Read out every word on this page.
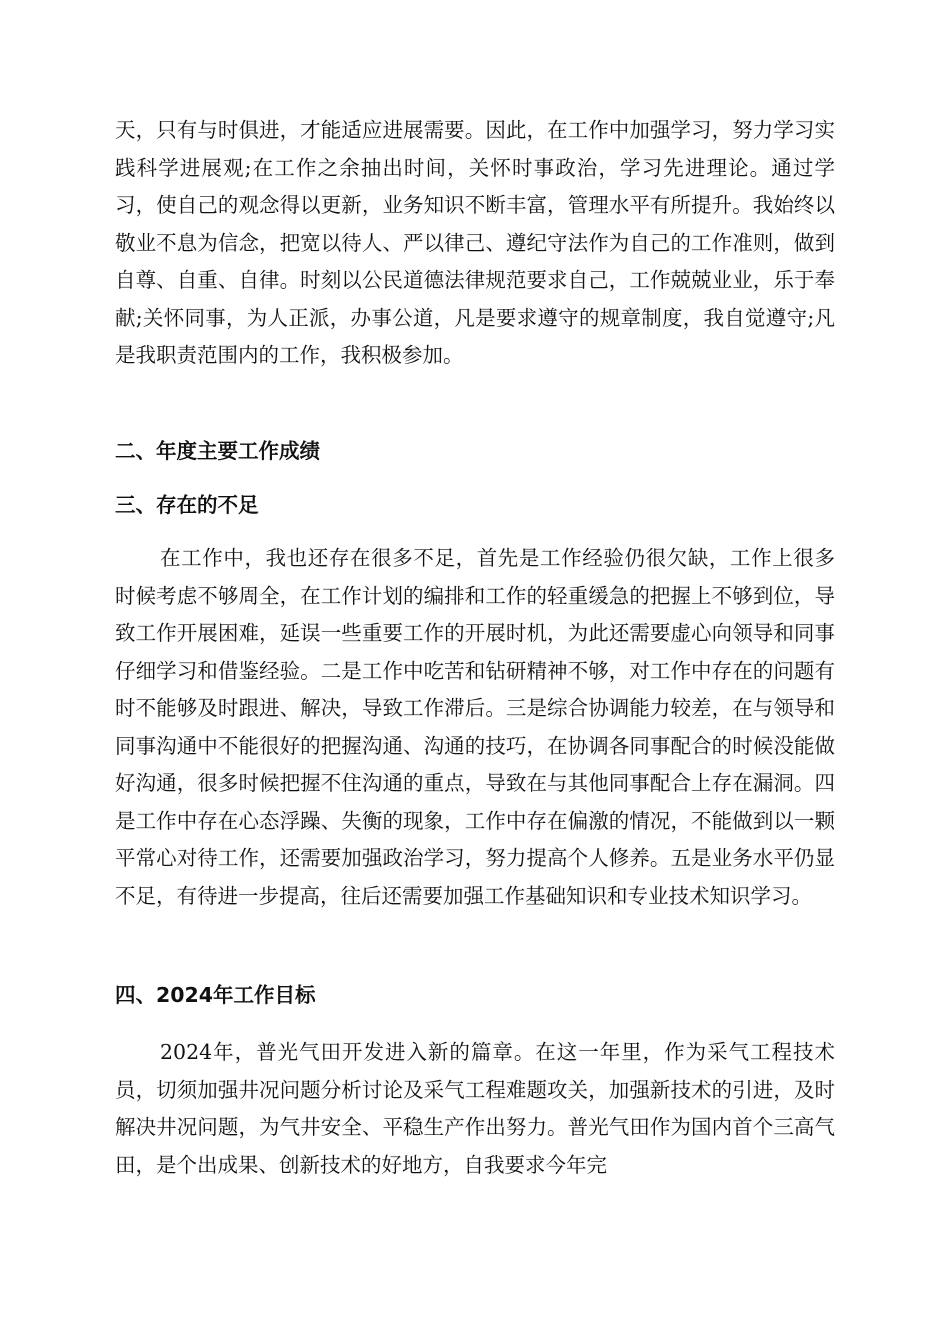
天，只有与时俱进，才能适应进展需要。因此，在工作中加强学习，努力学习实践科学进展观;在工作之余抽出时间，关怀时事政治，学习先进理论。通过学习，使自己的观念得以更新，业务知识不断丰富，管理水平有所提升。我始终以敬业不息为信念，把宽以待人、严以律己、遵纪守法作为自己的工作准则，做到自尊、自重、自律。时刻以公民道德法律规范要求自己，工作兢兢业业，乐于奉献;关怀同事，为人正派，办事公道，凡是要求遵守的规章制度，我自觉遵守;凡是我职责范围内的工作，我积极参加。

二、年度主要工作成绩
三、存在的不足

在工作中，我也还存在很多不足，首先是工作经验仍很欠缺，工作上很多时候考虑不够周全，在工作计划的编排和工作的轻重缓急的把握上不够到位，导致工作开展困难，延误一些重要工作的开展时机，为此还需要虚心向领导和同事仔细学习和借鉴经验。二是工作中吃苦和钻研精神不够，对工作中存在的问题有时不能够及时跟进、解决，导致工作滞后。三是综合协调能力较差，在与领导和同事沟通中不能很好的把握沟通、沟通的技巧，在协调各同事配合的时候没能做好沟通，很多时候把握不住沟通的重点，导致在与其他同事配合上存在漏洞。四是工作中存在心态浮躁、失衡的现象，工作中存在偏激的情况，不能做到以一颗平常心对待工作，还需要加强政治学习，努力提高个人修养。五是业务水平仍显不足，有待进一步提高，往后还需要加强工作基础知识和专业技术知识学习。

四、2024年工作目标

2024年，普光气田开发进入新的篇章。在这一年里，作为采气工程技术员，切须加强井况问题分析讨论及采气工程难题攻关，加强新技术的引进，及时解决井况问题，为气井安全、平稳生产作出努力。普光气田作为国内首个三高气田，是个出成果、创新技术的好地方，自我要求今年完
